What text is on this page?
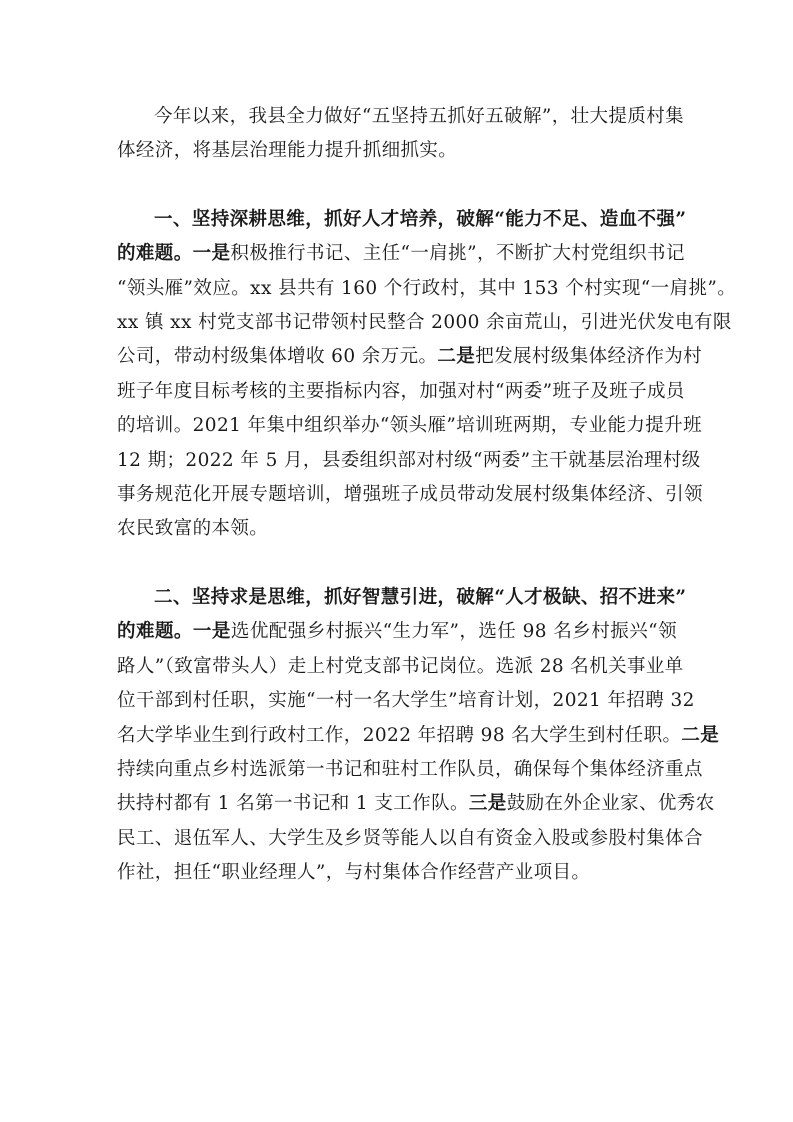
今年以来，我县全力做好“五坚持五抓好五破解”，壮大提质村集
体经济，将基层治理能力提升抓细抓实。

一、坚持深耕思维，抓好人才培养，破解“能力不足、造血不强”
的难题。一是积极推行书记、主任“一肩挑”，不断扩大村党组织书记
“领头雁”效应。xx 县共有 160 个行政村，其中 153 个村实现“一肩挑”。
xx 镇 xx 村党支部书记带领村民整合 2000 余亩荒山，引进光伏发电有限
公司，带动村级集体增收 60 余万元。二是把发展村级集体经济作为村
班子年度目标考核的主要指标内容，加强对村“两委”班子及班子成员
的培训。2021 年集中组织举办“领头雁”培训班两期，专业能力提升班
12 期；2022 年 5 月，县委组织部对村级“两委”主干就基层治理村级
事务规范化开展专题培训，增强班子成员带动发展村级集体经济、引领
农民致富的本领。

二、坚持求是思维，抓好智慧引进，破解“人才极缺、招不进来”
的难题。一是选优配强乡村振兴“生力军”，选任 98 名乡村振兴“领
路人”（致富带头人）走上村党支部书记岗位。选派 28 名机关事业单
位干部到村任职，实施“一村一名大学生”培育计划，2021 年招聘 32
名大学毕业生到行政村工作，2022 年招聘 98 名大学生到村任职。二是
持续向重点乡村选派第一书记和驻村工作队员，确保每个集体经济重点
扶持村都有 1 名第一书记和 1 支工作队。三是鼓励在外企业家、优秀农
民工、退伍军人、大学生及乡贤等能人以自有资金入股或参股村集体合
作社，担任“职业经理人”，与村集体合作经营产业项目。
